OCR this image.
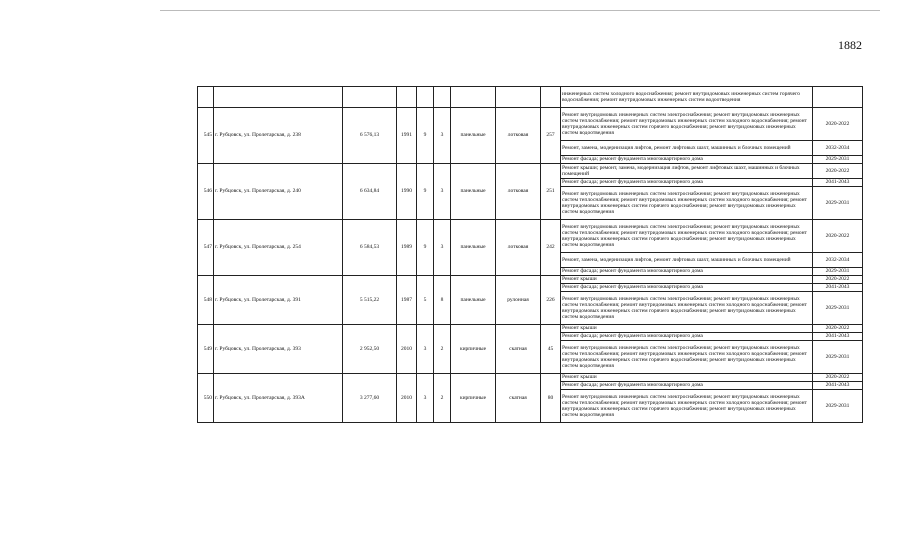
1882
									инженерных систем холодного водоснабжения; ремонт внутридомовых инженерных систем горячего водоснабжения; ремонт внутридомовых инженерных систем водоотведения	
545	г. Рубцовск, ул. Пролетарская, д. 238	6 576,13	1991	9	3	панельные	лотковая	257	Ремонт внутридомовых инженерных систем электроснабжения; ремонт внутридомовых инженерных систем теплоснабжения; ремонт внутридомовых инженерных систем холодного водоснабжения; ремонт внутридомовых инженерных систем горячего водоснабжения; ремонт внутридомовых инженерных систем водоотведения	2020-2022
									Ремонт, замена, модернизация лифтов, ремонт лифтовых шахт, машинных и блочных помещений	2032-2034
									Ремонт фасада; ремонт фундамента многоквартирного дома	2029-2031
546	г. Рубцовск, ул. Пролетарская, д. 240	6 634,84	1990	9	3	панельные	лотковая	251	Ремонт крыши; ремонт, замена, модернизация лифтов, ремонт лифтовых шахт, машинных и блочных помещений	2020-2022
									Ремонт фасада; ремонт фундамента многоквартирного дома	2041-2043
									Ремонт внутридомовых инженерных систем электроснабжения; ремонт внутридомовых инженерных систем теплоснабжения; ремонт внутридомовых инженерных систем холодного водоснабжения; ремонт внутридомовых инженерных систем горячего водоснабжения; ремонт внутридомовых инженерных систем водоотведения	2029-2031
547	г. Рубцовск, ул. Пролетарская, д. 254	6 584,53	1989	9	3	панельные	лотковая	242	Ремонт внутридомовых инженерных систем электроснабжения; ремонт внутридомовых инженерных систем теплоснабжения; ремонт внутридомовых инженерных систем холодного водоснабжения; ремонт внутридомовых инженерных систем горячего водоснабжения; ремонт внутридомовых инженерных систем водоотведения	2020-2022
									Ремонт, замена, модернизация лифтов, ремонт лифтовых шахт, машинных и блочных помещений	2032-2034
									Ремонт фасада; ремонт фундамента многоквартирного дома	2029-2031
548	г. Рубцовск, ул. Пролетарская, д. 391	5 515,22	1987	5	8	панельные	рулонная	226	Ремонт крыши	2020-2022
									Ремонт фасада; ремонт фундамента многоквартирного дома	2041-2043
									Ремонт внутридомовых инженерных систем электроснабжения; ремонт внутридомовых инженерных систем теплоснабжения; ремонт внутридомовых инженерных систем холодного водоснабжения; ремонт внутридомовых инженерных систем горячего водоснабжения; ремонт внутридомовых инженерных систем водоотведения	2029-2031
549	г. Рубцовск, ул. Пролетарская, д. 393	2 952,50	2010	3	2	кирпичные	скатная	45	Ремонт крыши	2020-2022
									Ремонт фасада; ремонт фундамента многоквартирного дома	2041-2043
									Ремонт внутридомовых инженерных систем электроснабжения; ремонт внутридомовых инженерных систем теплоснабжения; ремонт внутридомовых инженерных систем холодного водоснабжения; ремонт внутридомовых инженерных систем горячего водоснабжения; ремонт внутридомовых инженерных систем водоотведения	2029-2031
550	г. Рубцовск, ул. Пролетарская, д. 393А	3 277,60	2010	3	2	кирпичные	скатная	80	Ремонт крыши	2020-2022
									Ремонт фасада; ремонт фундамента многоквартирного дома	2041-2043
									Ремонт внутридомовых инженерных систем электроснабжения; ремонт внутридомовых инженерных систем теплоснабжения; ремонт внутридомовых инженерных систем холодного водоснабжения; ремонт внутридомовых инженерных систем горячего водоснабжения; ремонт внутридомовых инженерных систем водоотведения	2029-2031
